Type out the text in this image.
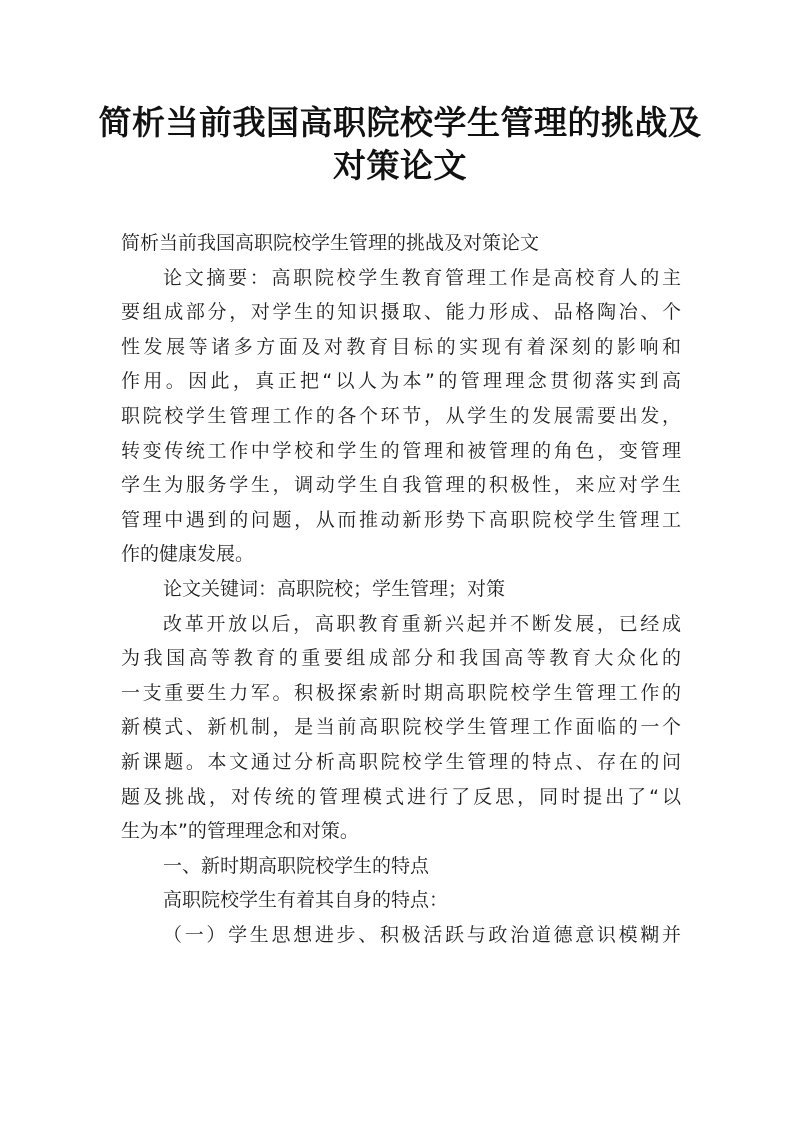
简析当前我国高职院校学生管理的挑战及
对策论文
简析当前我国高职院校学生管理的挑战及对策论文
论文摘要：高职院校学生教育管理工作是高校育人的主
要组成部分，对学生的知识摄取、能力形成、品格陶冶、个
性发展等诸多方面及对教育目标的实现有着深刻的影响和
作用。因此，真正把“以人为本”的管理理念贯彻落实到高
职院校学生管理工作的各个环节，从学生的发展需要出发，
转变传统工作中学校和学生的管理和被管理的角色，变管理
学生为服务学生，调动学生自我管理的积极性，来应对学生
管理中遇到的问题，从而推动新形势下高职院校学生管理工
作的健康发展。
论文关键词：高职院校；学生管理；对策
改革开放以后，高职教育重新兴起并不断发展，已经成
为我国高等教育的重要组成部分和我国高等教育大众化的
一支重要生力军。积极探索新时期高职院校学生管理工作的
新模式、新机制，是当前高职院校学生管理工作面临的一个
新课题。本文通过分析高职院校学生管理的特点、存在的问
题及挑战，对传统的管理模式进行了反思，同时提出了“以
生为本”的管理理念和对策。
一、新时期高职院校学生的特点
高职院校学生有着其自身的特点：
（一）学生思想进步、积极活跃与政治道德意识模糊并
